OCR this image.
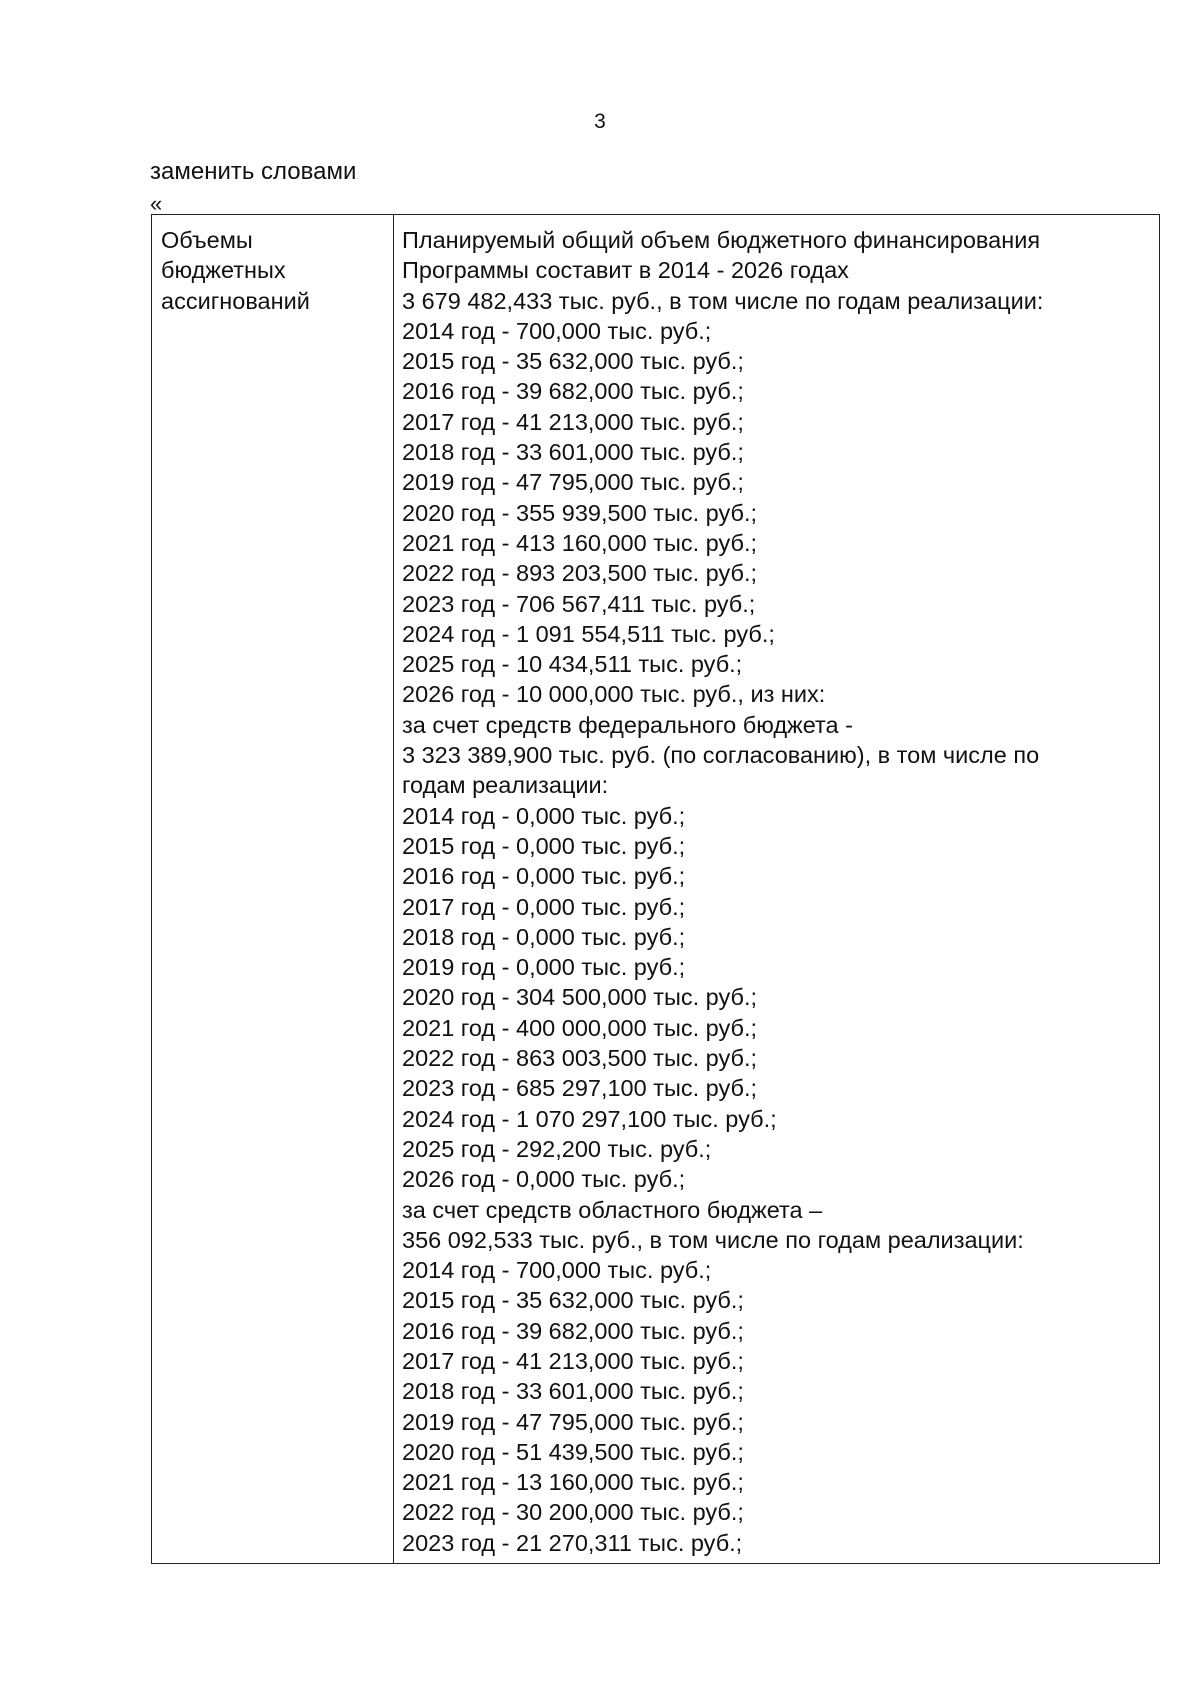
3
заменить словами
«
Объемы
бюджетных
ассигнований
Планируемый общий объем бюджетного финансирования
Программы составит в 2014 - 2026 годах
3 679 482,433 тыс. руб., в том числе по годам реализации:
2014 год - 700,000 тыс. руб.;
2015 год - 35 632,000 тыс. руб.;
2016 год - 39 682,000 тыс. руб.;
2017 год - 41 213,000 тыс. руб.;
2018 год - 33 601,000 тыс. руб.;
2019 год - 47 795,000 тыс. руб.;
2020 год - 355 939,500 тыс. руб.;
2021 год - 413 160,000 тыс. руб.;
2022 год - 893 203,500 тыс. руб.;
2023 год - 706 567,411 тыс. руб.;
2024 год - 1 091 554,511 тыс. руб.;
2025 год - 10 434,511 тыс. руб.;
2026 год - 10 000,000 тыс. руб., из них:
за счет средств федерального бюджета -
3 323 389,900 тыс. руб. (по согласованию), в том числе по
годам реализации:
2014 год - 0,000 тыс. руб.;
2015 год - 0,000 тыс. руб.;
2016 год - 0,000 тыс. руб.;
2017 год - 0,000 тыс. руб.;
2018 год - 0,000 тыс. руб.;
2019 год - 0,000 тыс. руб.;
2020 год - 304 500,000 тыс. руб.;
2021 год - 400 000,000 тыс. руб.;
2022 год - 863 003,500 тыс. руб.;
2023 год - 685 297,100 тыс. руб.;
2024 год - 1 070 297,100 тыс. руб.;
2025 год - 292,200 тыс. руб.;
2026 год - 0,000 тыс. руб.;
за счет средств областного бюджета –
356 092,533 тыс. руб., в том числе по годам реализации:
2014 год - 700,000 тыс. руб.;
2015 год - 35 632,000 тыс. руб.;
2016 год - 39 682,000 тыс. руб.;
2017 год - 41 213,000 тыс. руб.;
2018 год - 33 601,000 тыс. руб.;
2019 год - 47 795,000 тыс. руб.;
2020 год - 51 439,500 тыс. руб.;
2021 год - 13 160,000 тыс. руб.;
2022 год - 30 200,000 тыс. руб.;
2023 год - 21 270,311 тыс. руб.;
